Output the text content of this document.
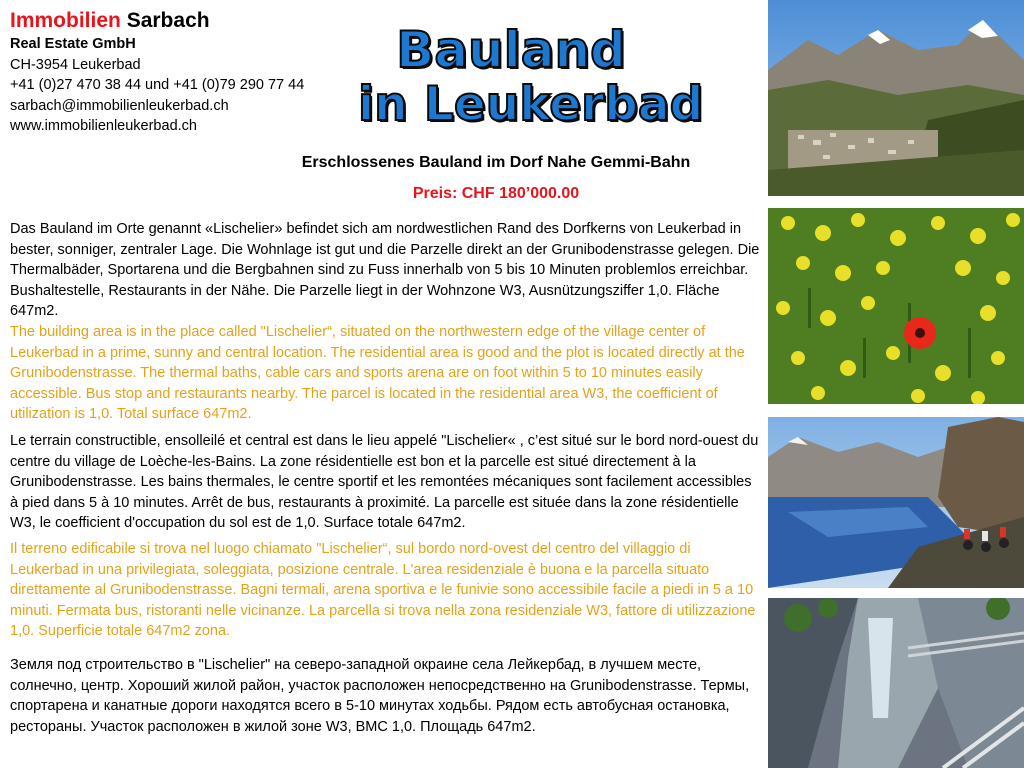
Immobilien Sarbach
Real Estate GmbH
CH-3954 Leukerbad
+41 (0)27 470 38 44 und +41 (0)79 290 77 44
sarbach@immobilienleukerbad.ch
www.immobilienleukerbad.ch
Bauland
in Leukerbad
Erschlossenes Bauland im Dorf Nahe Gemmi-Bahn
Preis: CHF 180’000.00

Das Bauland im Orte genannt «Lischelier» befindet sich am nordwestlichen Rand des Dorfkerns von Leukerbad in bester, sonniger, zentraler Lage. Die Wohnlage ist gut und die Parzelle direkt an der Grunibodenstrasse gelegen. Die Thermalbäder, Sportarena und die Bergbahnen sind zu Fuss innerhalb von 5 bis 10 Minuten problemlos erreichbar. Bushaltestelle, Restaurants in der Nähe. Die Parzelle liegt in der Wohnzone W3, Ausnützungsziffer 1,0. Fläche 647m2.

The building area is in the place called "Lischelier“, situated on the northwestern edge of the village center of Leukerbad in a prime, sunny and central location. The residential area is good and the plot is located directly at the Grunibodenstrasse. The thermal baths, cable cars and sports arena are on foot within 5 to 10 minutes easily accessible. Bus stop and restaurants nearby. The parcel is located in the residential area W3, the coefficient of utilization is 1,0. Total surface 647m2.

Le terrain constructible, ensolleilé et central est dans le lieu appelé "Lischelier« , c’est situé sur le bord nord-ouest du centre du village de Loèche-les-Bains. La zone résidentielle est bon et la parcelle est situé directement à la Grunibodenstrasse. Les bains thermales, le centre sportif et les remontées mécaniques sont facilement accessibles à pied dans 5 à 10 minutes. Arrêt de bus, restaurants à proximité. La parcelle est située dans la zone résidentielle W3, le coefficient d'occupation du sol est de 1,0. Surface totale 647m2.

Il terreno edificabile si trova nel luogo chiamato "Lischelier“, sul bordo nord-ovest del centro del villaggio di Leukerbad in una privilegiata, soleggiata, posizione centrale. L'area residenziale è buona e la parcella situato direttamente al Grunibodenstrasse. Bagni termali, arena sportiva e le funivie sono accessibile facile a piedi in 5 a 10 minuti. Fermata bus, ristoranti nelle vicinanze. La parcella si trova nella zona residenziale W3, fattore di utilizzazione 1,0. Superficie totale 647m2 zona.

Земля под строительство в "Lischelier" на северо-западной окраине села Лейкербад, в лучшем месте, солнечно, центр. Хороший жилой район, участок расположен непосредственно на Grunibodenstrasse. Термы, спортарена и канатные дороги находятся всего в 5-10 минутах ходьбы. Рядом есть автобусная остановка, рестораны. Участок расположен в жилой зоне W3, BMC 1,0. Площадь 647m2.
